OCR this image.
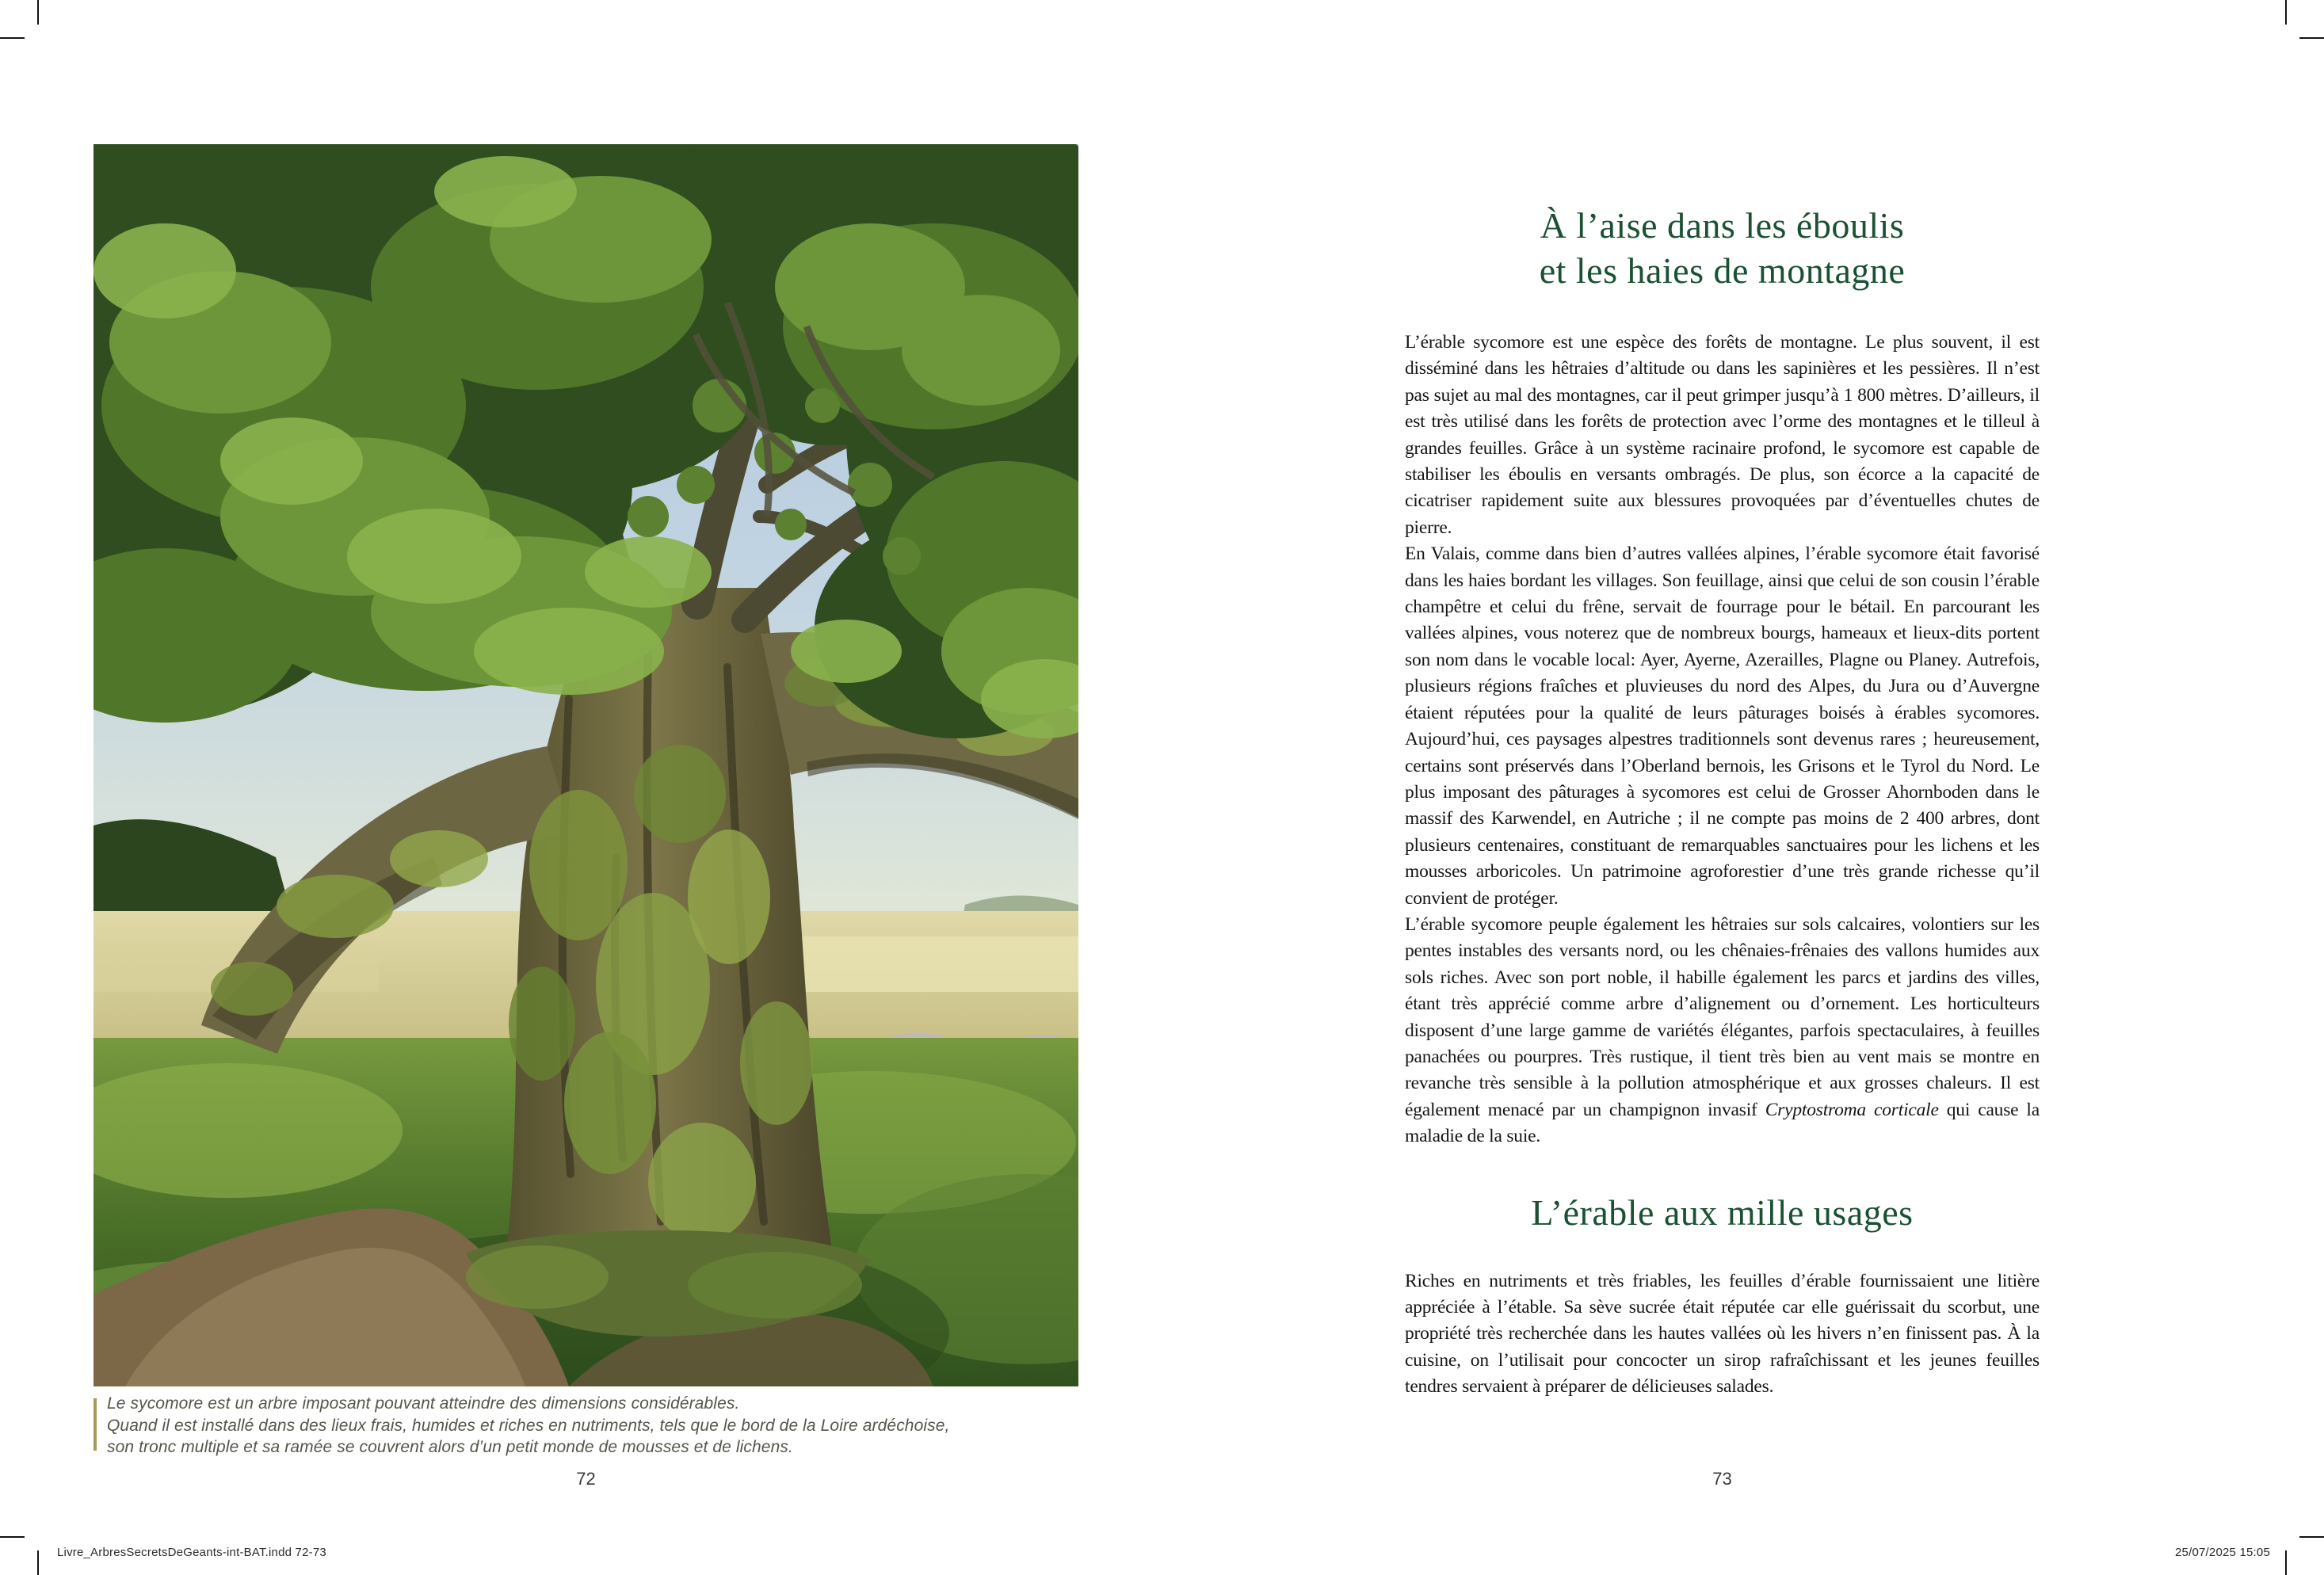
Le sycomore est un arbre imposant pouvant atteindre des dimensions considérables.
Quand il est installé dans des lieux frais, humides et riches en nutriments, tels que le bord de la Loire ardéchoise,
son tronc multiple et sa ramée se couvrent alors d’un petit monde de mousses et de lichens.
72
À l’aise dans les éboulis
et les haies de montagne

L’érable sycomore est une espèce des forêts de montagne. Le plus souvent, il est disséminé dans les hêtraies d’altitude ou dans les sapinières et les pessières. Il n’est pas sujet au mal des montagnes, car il peut grimper jusqu’à 1 800 mètres. D’ailleurs, il est très utilisé dans les forêts de protection avec l’orme des montagnes et le tilleul à grandes feuilles. Grâce à un système racinaire profond, le sycomore est capable de stabiliser les éboulis en versants ombragés. De plus, son écorce a la capacité de cicatriser rapidement suite aux blessures provoquées par d’éventuelles chutes de pierre.

En Valais, comme dans bien d’autres vallées alpines, l’érable sycomore était favorisé dans les haies bordant les villages. Son feuillage, ainsi que celui de son cousin l’érable champêtre et celui du frêne, servait de fourrage pour le bétail. En parcourant les vallées alpines, vous noterez que de nombreux bourgs, hameaux et lieux-dits portent son nom dans le vocable local: Ayer, Ayerne, Azerailles, Plagne ou Planey. Autrefois, plusieurs régions fraîches et pluvieuses du nord des Alpes, du Jura ou d’Auvergne étaient réputées pour la qualité de leurs pâturages boisés à érables sycomores. Aujourd’hui, ces paysages alpestres traditionnels sont devenus rares ; heureusement, certains sont préservés dans l’Oberland bernois, les Grisons et le Tyrol du Nord. Le plus imposant des pâturages à sycomores est celui de Grosser Ahornboden dans le massif des Karwendel, en Autriche ; il ne compte pas moins de 2 400 arbres, dont plusieurs centenaires, constituant de remarquables sanctuaires pour les lichens et les mousses arboricoles. Un patrimoine agroforestier d’une très grande richesse qu’il convient de protéger.

L’érable sycomore peuple également les hêtraies sur sols calcaires, volontiers sur les pentes instables des versants nord, ou les chênaies-frênaies des vallons humides aux sols riches. Avec son port noble, il habille également les parcs et jardins des villes, étant très apprécié comme arbre d’alignement ou d’ornement. Les horticulteurs disposent d’une large gamme de variétés élégantes, parfois spectaculaires, à feuilles panachées ou pourpres. Très rustique, il tient très bien au vent mais se montre en revanche très sensible à la pollution atmosphérique et aux grosses chaleurs. Il est également menacé par un champignon invasif Cryptostroma corticale qui cause la maladie de la suie.

L’érable aux mille usages

Riches en nutriments et très friables, les feuilles d’érable fournissaient une litière appréciée à l’étable. Sa sève sucrée était réputée car elle guérissait du scorbut, une propriété très recherchée dans les hautes vallées où les hivers n’en finissent pas. À la cuisine, on l’utilisait pour concocter un sirop rafraîchissant et les jeunes feuilles tendres servaient à préparer de délicieuses salades.

73
Livre_ArbresSecretsDeGeants-int-BAT.indd 72-73	25/07/2025 15:05
